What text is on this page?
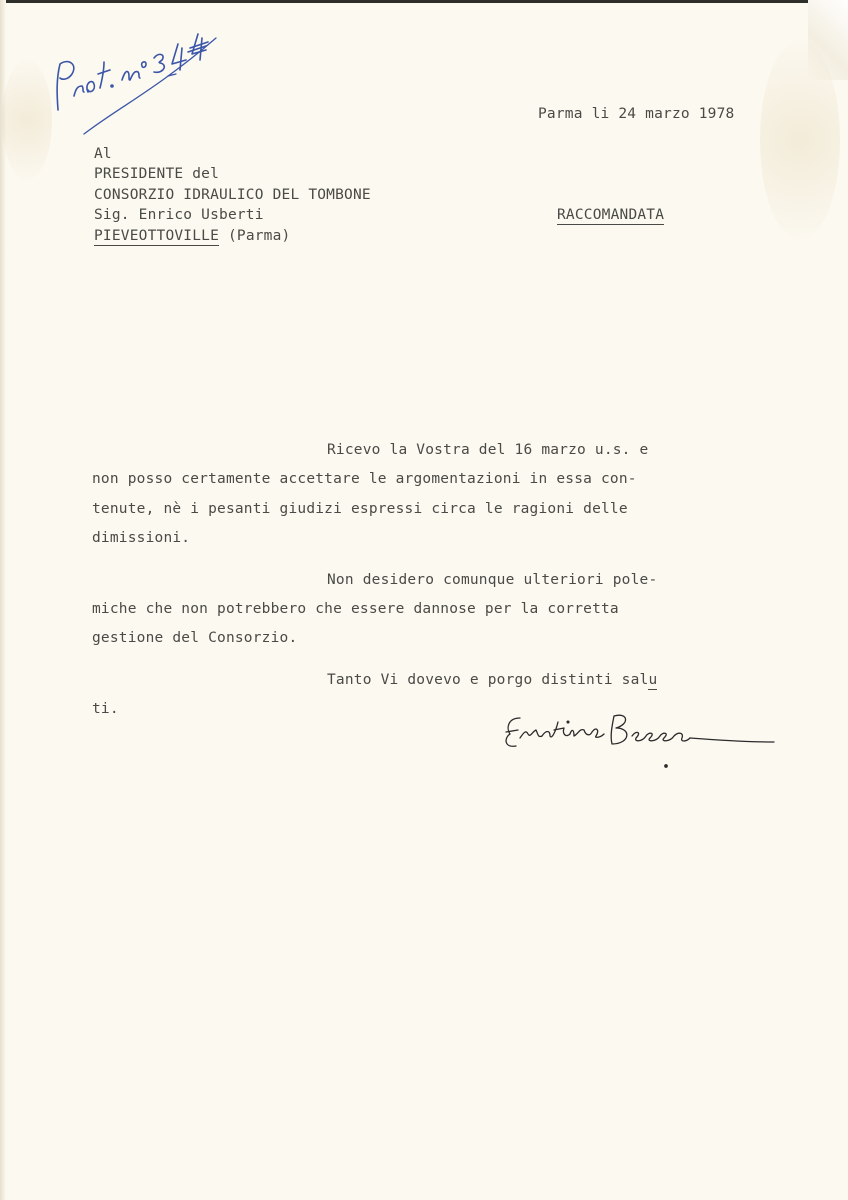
Parma li 24 marzo 1978
Al
PRESIDENTE del
CONSORZIO IDRAULICO DEL TOMBONE
Sig. Enrico Usberti
PIEVEOTTOVILLE (Parma)
RACCOMANDATA
Ricevo la Vostra del 16 marzo u.s. e
non posso certamente accettare le argomentazioni in essa con-
tenute, nè i pesanti giudizi espressi circa le ragioni delle
dimissioni.
Non desidero comunque ulteriori pole-
miche che non potrebbero che essere dannose per la corretta
gestione del Consorzio.
Tanto Vi dovevo e porgo distinti salu
ti.
